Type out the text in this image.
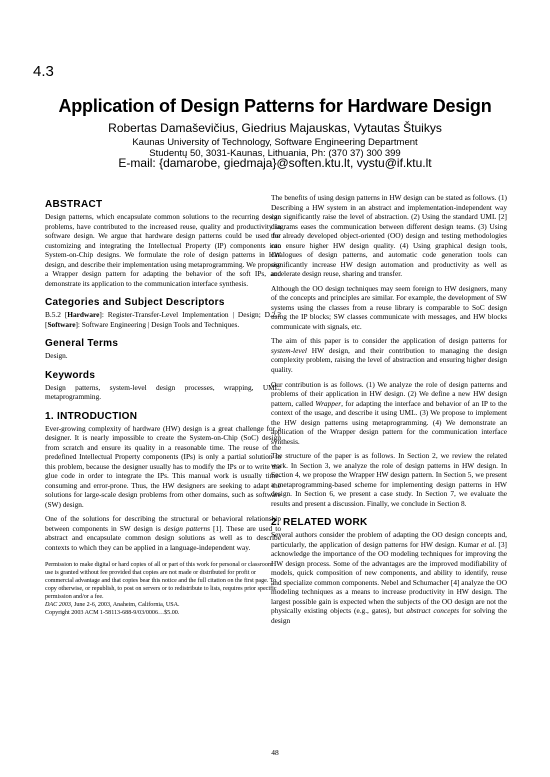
4.3
Application of Design Patterns for Hardware Design
Robertas Damaševičius, Giedrius Majauskas, Vytautas Štuikys
Kaunas University of Technology, Software Engineering Department
Studentų 50, 3031-Kaunas, Lithuania, Ph: (370 37) 300 399
E-mail: {damarobe, giedmaja}@soften.ktu.lt, vystu@if.ktu.lt
ABSTRACT

Design patterns, which encapsulate common solutions to the recurring design problems, have contributed to the increased reuse, quality and productivity in software design. We argue that hardware design patterns could be used for customizing and integrating the Intellectual Property (IP) components into System-on-Chip designs. We formulate the role of design patterns in HW design, and describe their implementation using metaprogramming. We propose a Wrapper design pattern for adapting the behavior of the soft IPs, and demonstrate its application to the communication interface synthesis.

Categories and Subject Descriptors

B.5.2 [Hardware]: Register-Transfer-Level Implementation | Design; D.2.2 [Software]: Software Engineering | Design Tools and Techniques.

General Terms

Design.

Keywords

Design patterns, system-level design processes, wrapping, UML, metaprogramming.

1. INTRODUCTION

Ever-growing complexity of hardware (HW) design is a great challenge for a designer. It is nearly impossible to create the System-on-Chip (SoC) design from scratch and ensure its quality in a reasonable time. The reuse of the predefined Intellectual Property components (IPs) is only a partial solution to this problem, because the designer usually has to modify the IPs or to write the glue code in order to integrate the IPs. This manual work is usually time-consuming and error-prone. Thus, the HW designers are seeking to adapt the solutions for large-scale design problems from other domains, such as software (SW) design.

One of the solutions for describing the structural or behavioral relationship between components in SW design is design patterns [1]. These are used to abstract and encapsulate common design solutions as well as to describe contexts to which they can be applied in a language-independent way.

Permission to make digital or hard copies of all or part of this work for personal or classroom use is granted without fee provided that copies are not made or distributed for profit or commercial advantage and that copies bear this notice and the full citation on the first page. To copy otherwise, or republish, to post on servers or to redistribute to lists, requires prior specific permission and/or a fee.
DAC 2003, June 2-6, 2003, Anaheim, California, USA.
Copyright 2003 ACM 1-58113-688-9/03/0006…$5.00.

The benefits of using design patterns in HW design can be stated as follows. (1) Describing a HW system in an abstract and implementation-independent way can significantly raise the level of abstraction. (2) Using the standard UML [2] diagrams eases the communication between different design teams. (3) Using the already developed object-oriented (OO) design and testing methodologies can ensure higher HW design quality. (4) Using graphical design tools, catalogues of design patterns, and automatic code generation tools can significantly increase HW design automation and productivity as well as accelerate design reuse, sharing and transfer.

Although the OO design techniques may seem foreign to HW designers, many of the concepts and principles are similar. For example, the development of SW systems using the classes from a reuse library is comparable to SoC design using the IP blocks; SW classes communicate with messages, and HW blocks communicate with signals, etc.

The aim of this paper is to consider the application of design patterns for system-level HW design, and their contribution to managing the design complexity problem, raising the level of abstraction and ensuring higher design quality.

Our contribution is as follows. (1) We analyze the role of design patterns and problems of their application in HW design. (2) We define a new HW design pattern, called Wrapper, for adapting the interface and behavior of an IP to the context of the usage, and describe it using UML. (3) We propose to implement the HW design patterns using metaprogramming. (4) We demonstrate an application of the Wrapper design pattern for the communication interface synthesis.

The structure of the paper is as follows. In Section 2, we review the related work. In Section 3, we analyze the role of design patterns in HW design. In Section 4, we propose the Wrapper HW design pattern. In Section 5, we present a metaprogramming-based scheme for implementing design patterns in HW design. In Section 6, we present a case study. In Section 7, we evaluate the results and present a discussion. Finally, we conclude in Section 8.

2. RELATED WORK

Several authors consider the problem of adapting the OO design concepts and, particularly, the application of design patterns for HW design. Kumar et al. [3] acknowledge the importance of the OO modeling techniques for improving the HW design process. Some of the advantages are the improved modifiability of models, quick composition of new components, and ability to identify, reuse and specialize common components. Nebel and Schumacher [4] analyze the OO modeling techniques as a means to increase productivity in HW design. The largest possible gain is expected when the subjects of the OO design are not the physically existing objects (e.g., gates), but abstract concepts for solving the design

48
